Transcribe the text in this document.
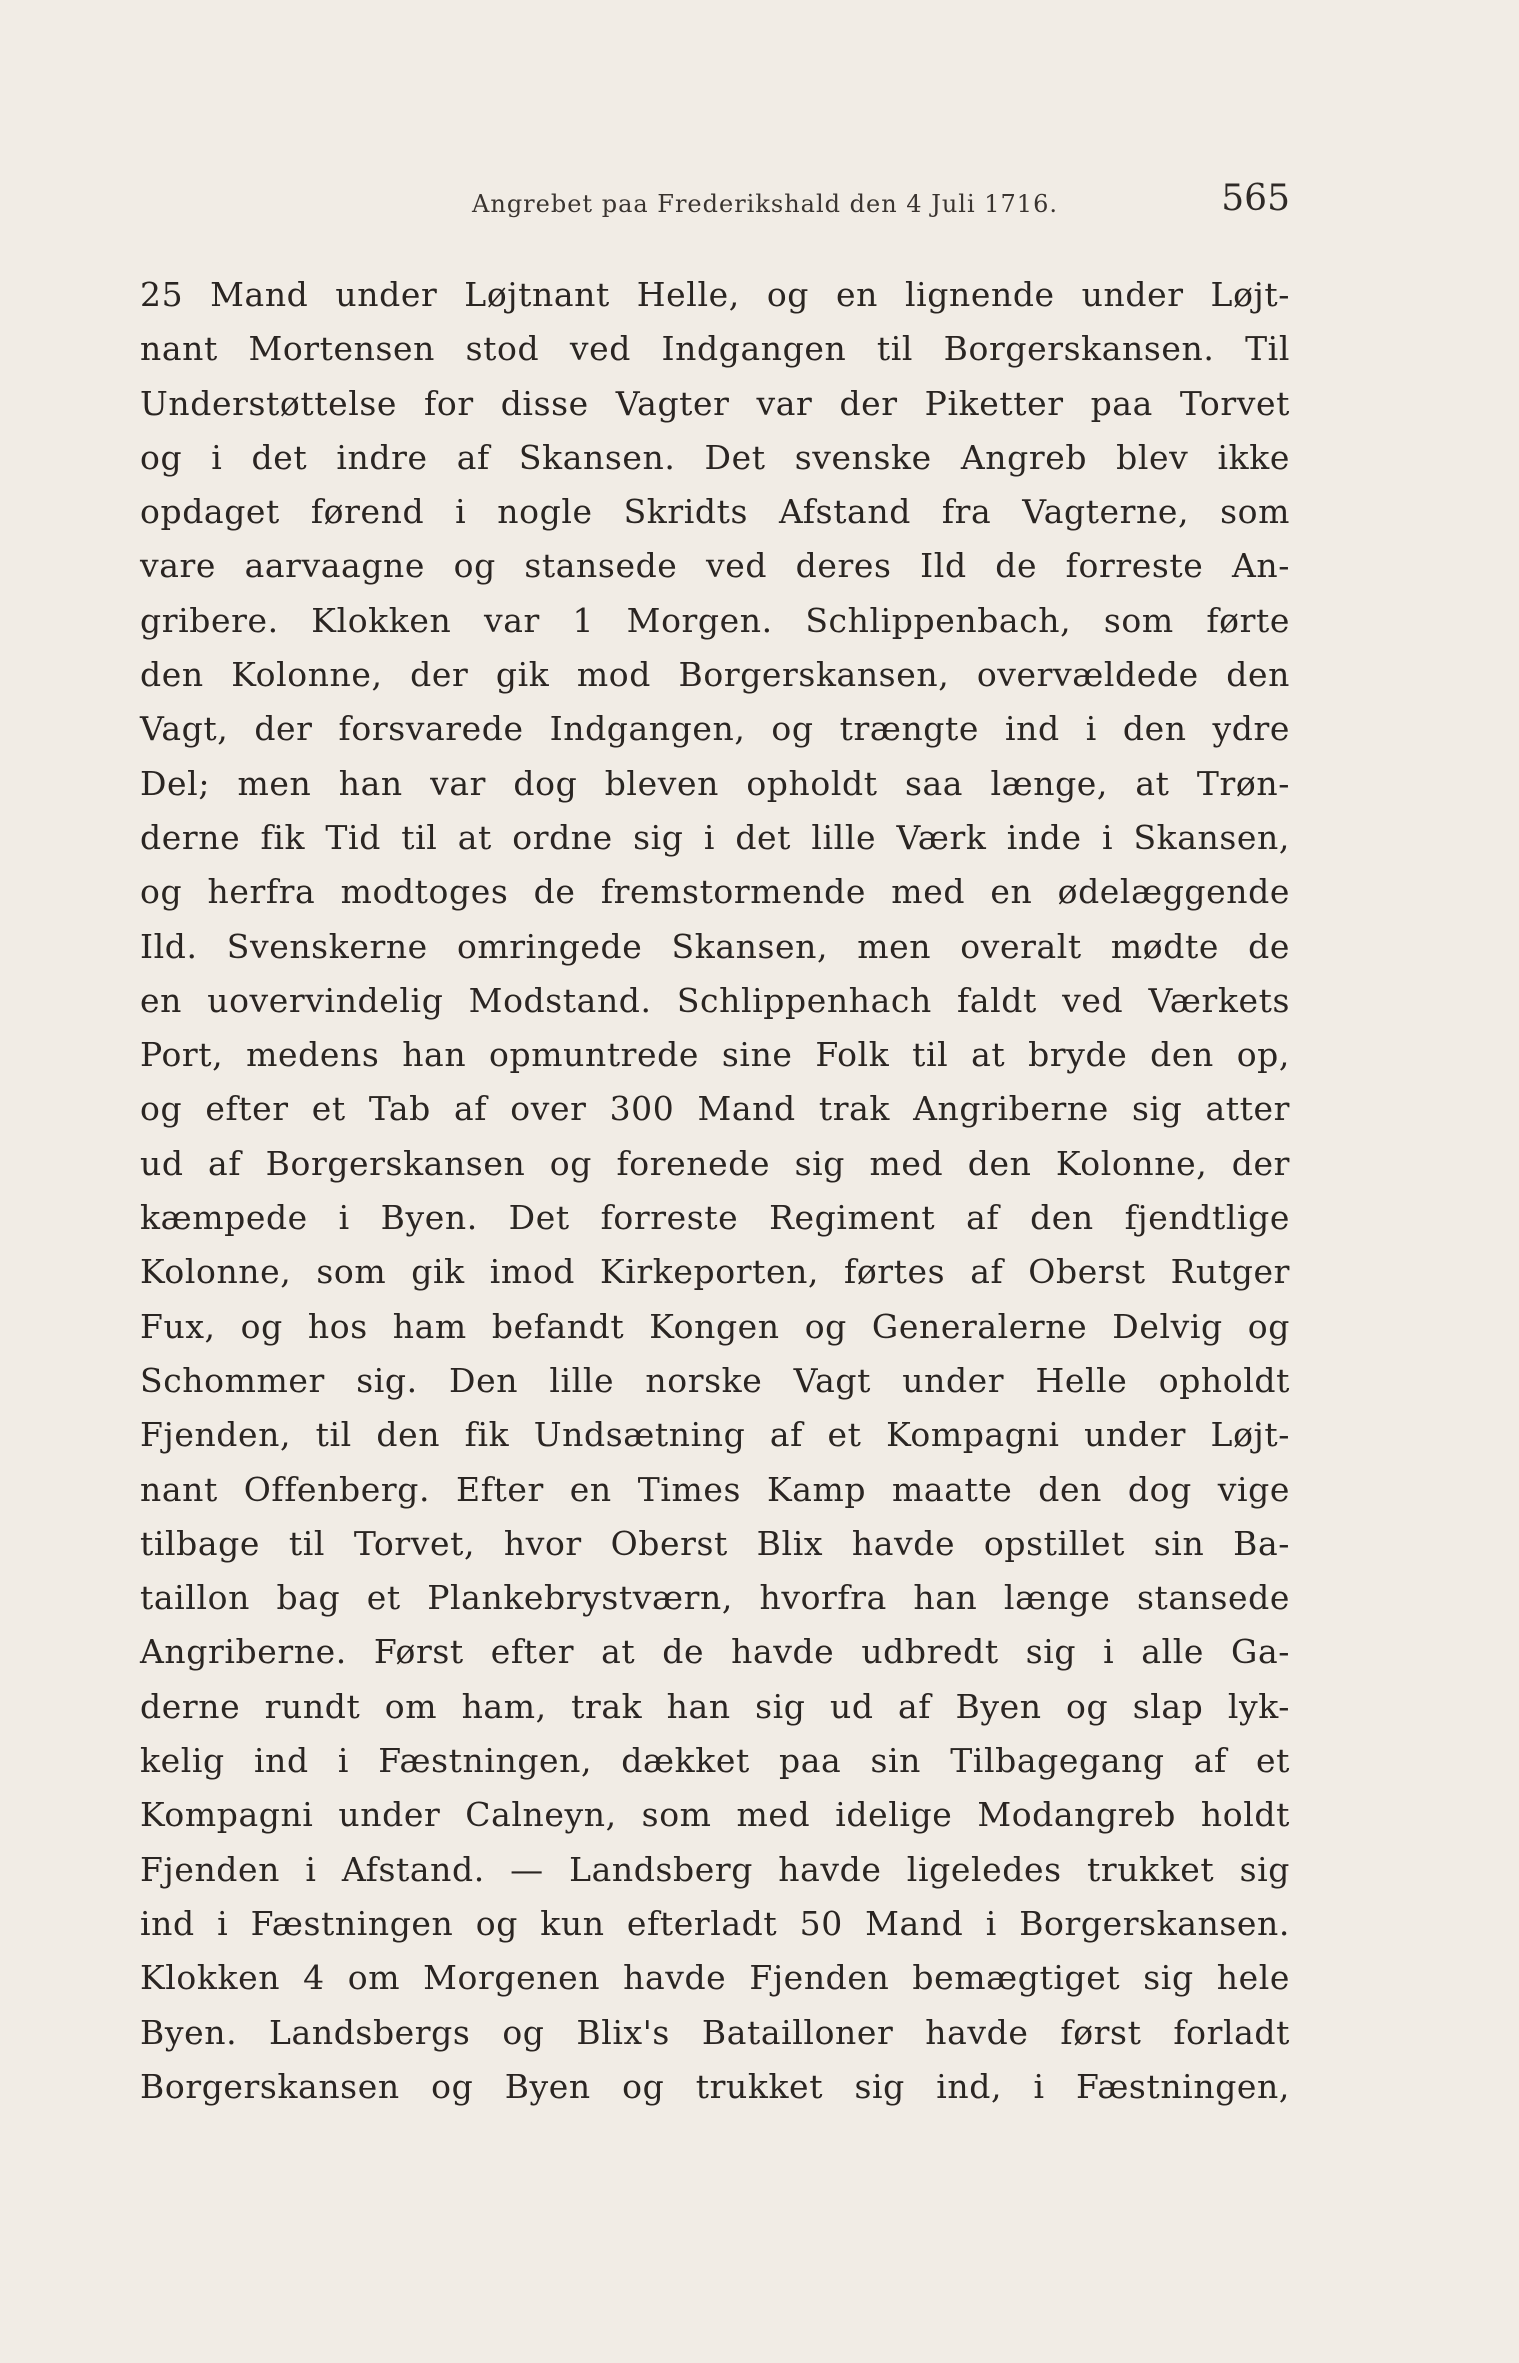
Angrebet paa Frederikshald den 4 Juli 1716.	565
25 Mand under Løjtnant Helle, og en lignende under Løjt-
nant Mortensen stod ved Indgangen til Borgerskansen. Til
Understøttelse for disse Vagter var der Piketter paa Torvet
og i det indre af Skansen. Det svenske Angreb blev ikke
opdaget førend i nogle Skridts Afstand fra Vagterne, som
vare aarvaagne og stansede ved deres Ild de forreste An-
gribere. Klokken var 1 Morgen. Schlippenbach, som førte
den Kolonne, der gik mod Borgerskansen, overvældede den
Vagt, der forsvarede Indgangen, og trængte ind i den ydre
Del; men han var dog bleven opholdt saa længe, at Trøn-
derne fik Tid til at ordne sig i det lille Værk inde i Skansen,
og herfra modtoges de fremstormende med en ødelæggende
Ild. Svenskerne omringede Skansen, men overalt mødte de
en uovervindelig Modstand. Schlippenhach faldt ved Værkets
Port, medens han opmuntrede sine Folk til at bryde den op,
og efter et Tab af over 300 Mand trak Angriberne sig atter
ud af Borgerskansen og forenede sig med den Kolonne, der
kæmpede i Byen. Det forreste Regiment af den fjendtlige
Kolonne, som gik imod Kirkeporten, førtes af Oberst Rutger
Fux, og hos ham befandt Kongen og Generalerne Delvig og
Schommer sig. Den lille norske Vagt under Helle opholdt
Fjenden, til den fik Undsætning af et Kompagni under Løjt-
nant Offenberg. Efter en Times Kamp maatte den dog vige
tilbage til Torvet, hvor Oberst Blix havde opstillet sin Ba-
taillon bag et Plankebrystværn, hvorfra han længe stansede
Angriberne. Først efter at de havde udbredt sig i alle Ga-
derne rundt om ham, trak han sig ud af Byen og slap lyk-
kelig ind i Fæstningen, dækket paa sin Tilbagegang af et
Kompagni under Calneyn, som med idelige Modangreb holdt
Fjenden i Afstand. — Landsberg havde ligeledes trukket sig
ind i Fæstningen og kun efterladt 50 Mand i Borgerskansen.
Klokken 4 om Morgenen havde Fjenden bemægtiget sig hele
Byen. Landsbergs og Blix's Batailloner havde først forladt
Borgerskansen og Byen og trukket sig ind, i Fæstningen,
